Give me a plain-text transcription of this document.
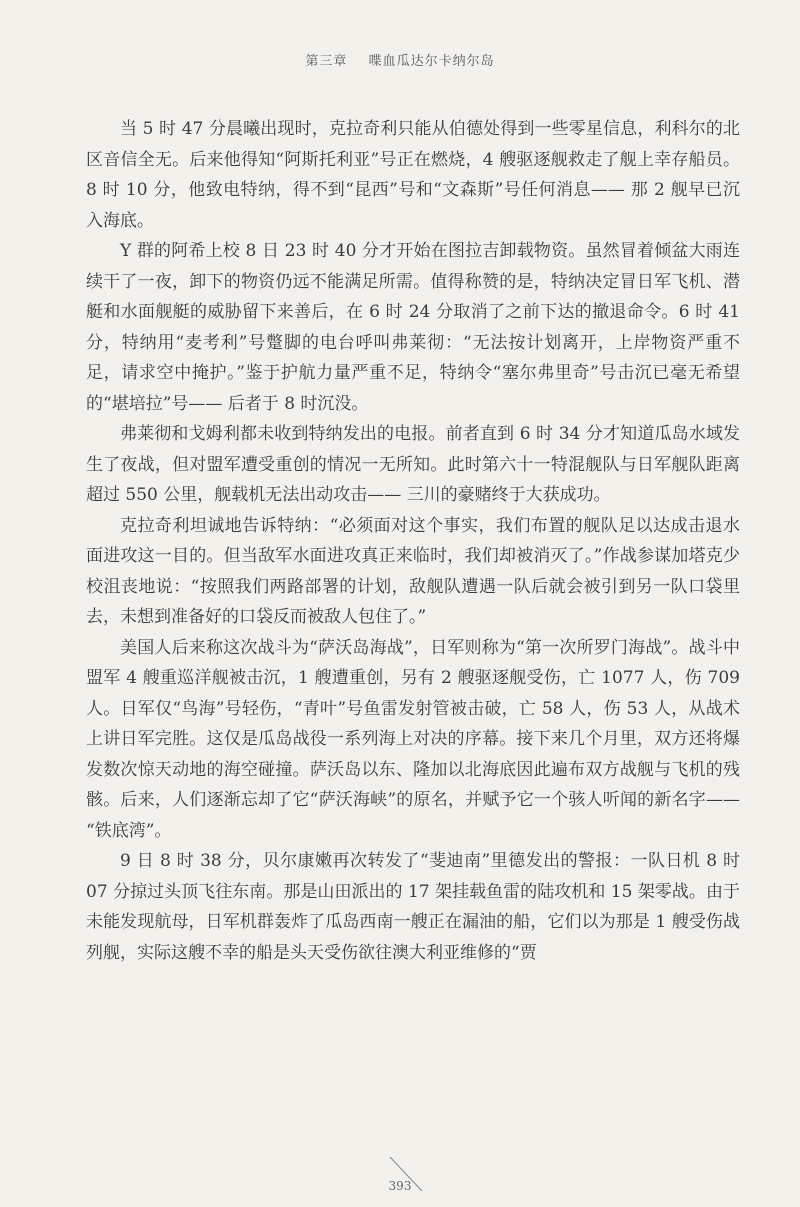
第三章 喋血瓜达尔卡纳尔岛

当 5 时 47 分晨曦出现时，克拉奇利只能从伯德处得到一些零星信息，利科尔的北区音信全无。后来他得知“阿斯托利亚”号正在燃烧，4 艘驱逐舰救走了舰上幸存船员。8 时 10 分，他致电特纳，得不到“昆西”号和“文森斯”号任何消息—— 那 2 舰早已沉入海底。

Y 群的阿希上校 8 日 23 时 40 分才开始在图拉吉卸载物资。虽然冒着倾盆大雨连续干了一夜，卸下的物资仍远不能满足所需。值得称赞的是，特纳决定冒日军飞机、潜艇和水面舰艇的威胁留下来善后，在 6 时 24 分取消了之前下达的撤退命令。6 时 41 分，特纳用“麦考利”号蹩脚的电台呼叫弗莱彻：“无法按计划离开，上岸物资严重不足，请求空中掩护。”鉴于护航力量严重不足，特纳令“塞尔弗里奇”号击沉已毫无希望的“堪培拉”号—— 后者于 8 时沉没。

弗莱彻和戈姆利都未收到特纳发出的电报。前者直到 6 时 34 分才知道瓜岛水域发生了夜战，但对盟军遭受重创的情况一无所知。此时第六十一特混舰队与日军舰队距离超过 550 公里，舰载机无法出动攻击—— 三川的豪赌终于大获成功。

克拉奇利坦诚地告诉特纳：“必须面对这个事实，我们布置的舰队足以达成击退水面进攻这一目的。但当敌军水面进攻真正来临时，我们却被消灭了。”作战参谋加塔克少校沮丧地说：“按照我们两路部署的计划，敌舰队遭遇一队后就会被引到另一队口袋里去，未想到准备好的口袋反而被敌人包住了。”

美国人后来称这次战斗为“萨沃岛海战”，日军则称为“第一次所罗门海战”。战斗中盟军 4 艘重巡洋舰被击沉，1 艘遭重创，另有 2 艘驱逐舰受伤，亡 1077 人，伤 709 人。日军仅“鸟海”号轻伤，“青叶”号鱼雷发射管被击破，亡 58 人，伤 53 人，从战术上讲日军完胜。这仅是瓜岛战役一系列海上对决的序幕。接下来几个月里，双方还将爆发数次惊天动地的海空碰撞。萨沃岛以东、隆加以北海底因此遍布双方战舰与飞机的残骸。后来，人们逐渐忘却了它“萨沃海峡”的原名，并赋予它一个骇人听闻的新名字—— “铁底湾”。

9 日 8 时 38 分，贝尔康嫩再次转发了“斐迪南”里德发出的警报：一队日机 8 时 07 分掠过头顶飞往东南。那是山田派出的 17 架挂载鱼雷的陆攻机和 15 架零战。由于未能发现航母，日军机群轰炸了瓜岛西南一艘正在漏油的船，它们以为那是 1 艘受伤战列舰，实际这艘不幸的船是头天受伤欲往澳大利亚维修的“贾

393
